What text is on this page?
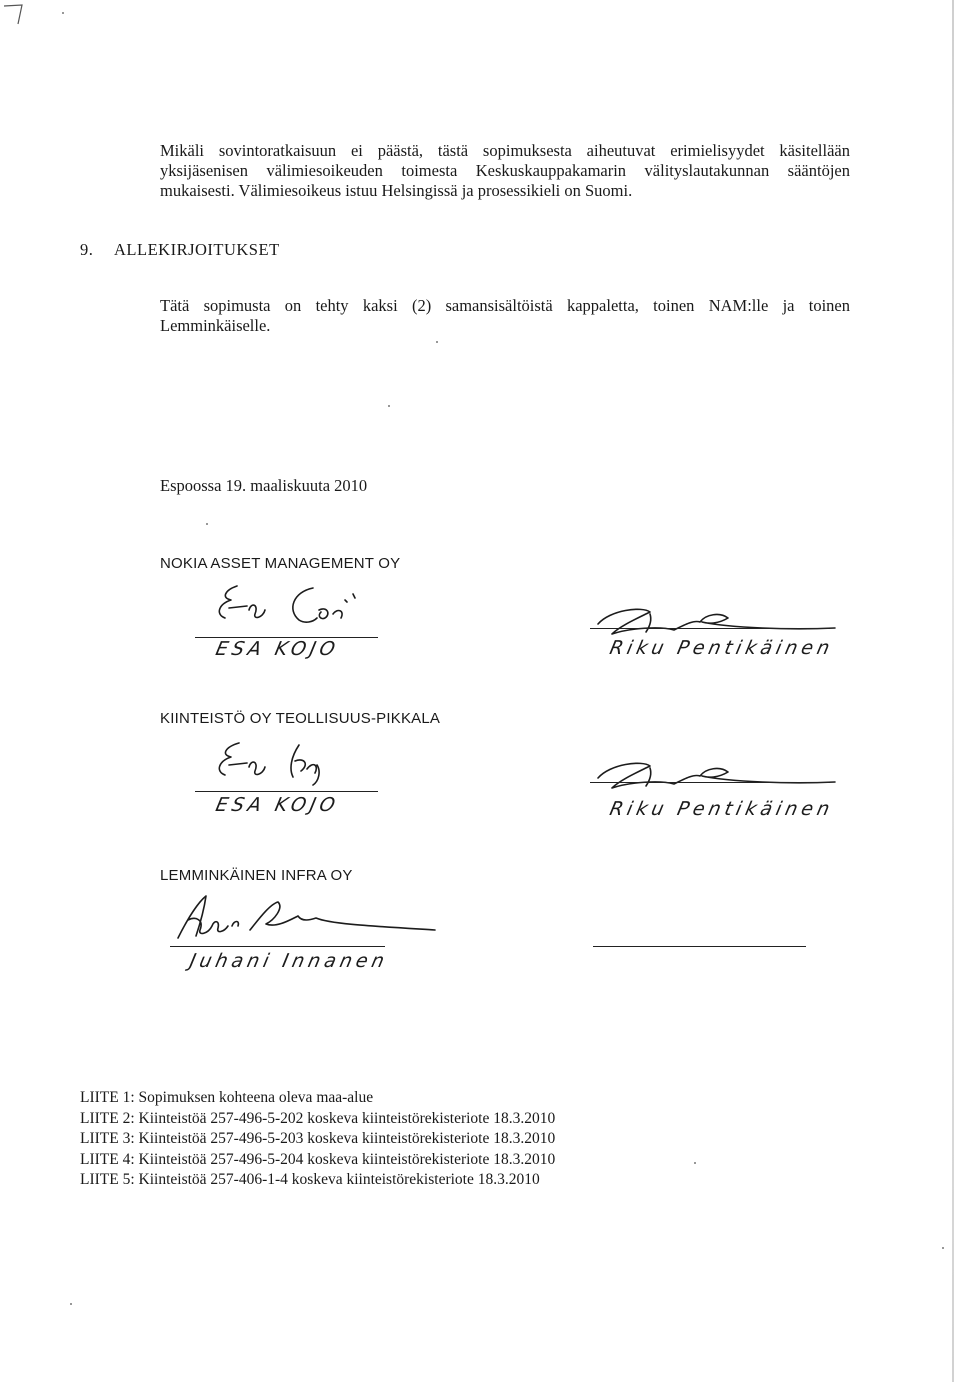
Mikäli sovintoratkaisuun ei päästä, tästä sopimuksesta aiheutuvat erimielisyydet käsitellään yksijäsenisen välimiesoikeuden toimesta Keskuskauppakamarin välityslautakunnan sääntöjen mukaisesti. Välimiesoikeus istuu Helsingissä ja prosessikieli on Suomi.
9. ALLEKIRJOITUKSET
Tätä sopimusta on tehty kaksi (2) samansisältöistä kappaletta, toinen NAM:lle ja toinen Lemminkäiselle.
Espoossa 19. maaliskuuta 2010
NOKIA ASSET MANAGEMENT OY
ESA KOJO	Riku Pentikäinen
KIINTEISTÖ OY TEOLLISUUS-PIKKALA
ESA KOJO	Riku Pentikäinen
LEMMINKÄINEN INFRA OY
Juhani Innanen
LIITE 1: Sopimuksen kohteena oleva maa-alue
LIITE 2: Kiinteistöä 257-496-5-202 koskeva kiinteistörekisteriote 18.3.2010
LIITE 3: Kiinteistöä 257-496-5-203 koskeva kiinteistörekisteriote 18.3.2010
LIITE 4: Kiinteistöä 257-496-5-204 koskeva kiinteistörekisteriote 18.3.2010
LIITE 5: Kiinteistöä 257-406-1-4 koskeva kiinteistörekisteriote 18.3.2010
